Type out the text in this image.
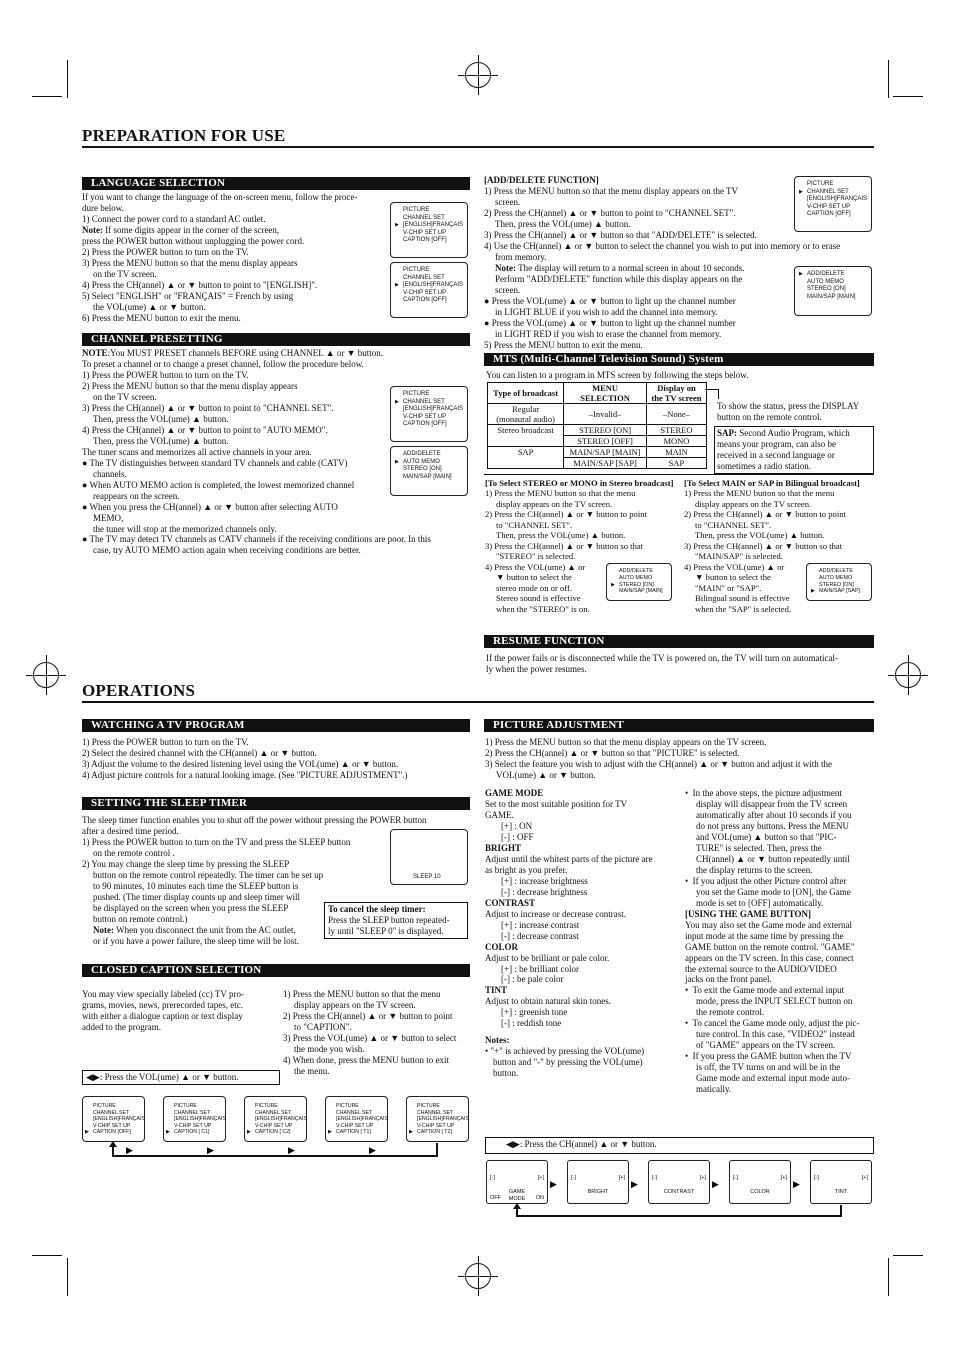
PREPARATION FOR USE
LANGUAGE SELECTION
If you want to change the language of the on-screen menu, follow the proce-
dure below.
1) Connect the power cord to a standard AC outlet.
Note: If some digits appear in the corner of the screen,
press the POWER button without unplugging the power cord.
2) Press the POWER button to turn on the TV.
3) Press the MENU button so that the menu display appears
on the TV screen.
4) Press the CH(annel) ▲ or ▼ button to point to "[ENGLISH]".
5) Select "ENGLISH" or "FRANÇAIS" = French by using
the VOL(ume) ▲ or ▼ button.
6) Press the MENU button to exit the menu.
PICTURE
CHANNEL SET
▶ [ENGLISH]FRANÇAIS
V-CHIP SET UP
CAPTION [OFF]
PICTURE
CHANNEL SET
▶ [ENGLISH]FRANÇAIS
V-CHIP SET UP
CAPTION [OFF]
CHANNEL PRESETTING
NOTE:You MUST PRESET channels BEFORE using CHANNEL ▲ or ▼ button.
To preset a channel or to change a preset channel, follow the procedure below.
1) Press the POWER button to turn on the TV.
2) Press the MENU button so that the menu display appears
on the TV screen.
3) Press the CH(annel) ▲ or ▼ button to point to "CHANNEL SET".
Then, press the VOL(ume) ▲ button.
4) Press the CH(annel) ▲ or ▼ button to point to "AUTO MEMO".
Then, press the VOL(ume) ▲ button.
The tuner scans and memorizes all active channels in your area.
● The TV distinguishes between standard TV channels and cable (CATV)
channels.
● When AUTO MEMO action is completed, the lowest memorized channel
reappears on the screen.
● When you press the CH(annel) ▲ or ▼ button after selecting AUTO
MEMO,
the tuner will stop at the memorized channels only.
● The TV may detect TV channels as CATV channels if the receiving conditions are poor. In this
case, try AUTO MEMO action again when receiving conditions are better.
PICTURE
▶ CHANNEL SET
[ENGLISH]FRANÇAIS
V-CHIP SET UP
CAPTION [OFF]
ADD/DELETE
▶ AUTO MEMO
STEREO [ON]
MAIN/SAP [MAIN]
[ADD/DELETE FUNCTION]
1) Press the MENU button so that the menu display appears on the TV
screen.
2) Press the CH(annel) ▲ or ▼ button to point to "CHANNEL SET".
Then, press the VOL(ume) ▲ button.
3) Press the CH(annel) ▲ or ▼ button so that "ADD/DELETE" is selected.
4) Use the CH(annel) ▲ or ▼ button to select the channel you wish to put into memory or to erase
from memory.
Note: The display will return to a normal screen in about 10 seconds.
Perform "ADD/DELETE" function while this display appears on the
screen.
● Press the VOL(ume) ▲ or ▼ button to light up the channel number
in LIGHT BLUE if you wish to add the channel into memory.
● Press the VOL(ume) ▲ or ▼ button to light up the channel number
in LIGHT RED if you wish to erase the channel from memory.
5) Press the MENU button to exit the menu.
PICTURE
▶ CHANNEL SET
[ENGLISH]FRANÇAIS
V-CHIP SET UP
CAPTION [OFF]
▶ ADD/DELETE
AUTO MEMO
STEREO [ON]
MAIN/SAP [MAIN]
MTS (Multi-Channel Television Sound) System
You can listen to a program in MTS screen by following the steps below.
Type of broadcast	MENU
SELECTION	Display on
the TV screen
Regular
(monaural audio)	–Invalid–	–None–
Stereo broadcast	STEREO [ON]	STEREO
	STEREO [OFF]	MONO
SAP	MAIN/SAP [MAIN]	MAIN
	MAIN/SAP [SAP]	SAP
To show the status, press the DISPLAY
button on the remote control.
SAP: Second Audio Program, which
means your program, can also be
received in a second language or
sometimes a radio station.
[To Select STEREO or MONO in Stereo broadcast]
1) Press the MENU button so that the menu
display appears on the TV screen.
2) Press the CH(annel) ▲ or ▼ button to point
to "CHANNEL SET".
Then, press the VOL(ume) ▲ button.
3) Press the CH(annel) ▲ or ▼ button so that
"STEREO" is selected.
4) Press the VOL(ume) ▲ or
▼ button to select the
stereo mode on or off.
Stereo sound is effective
when the "STEREO" is on.
ADD/DELETE
AUTO MEMO
▶ STEREO [ON]
MAIN/SAP [MAIN]
[To Select MAIN or SAP in Bilingual broadcast]
1) Press the MENU button so that the menu
display appears on the TV screen.
2) Press the CH(annel) ▲ or ▼ button to point
to "CHANNEL SET".
Then, press the VOL(ume) ▲ button.
3) Press the CH(annel) ▲ or ▼ button so that
"MAIN/SAP" is selected.
4) Press the VOL(ume) ▲ or
▼ button to select the
"MAIN" or "SAP".
Bilingual sound is effective
when the "SAP" is selected.
ADD/DELETE
AUTO MEMO
STEREO [ON]
▶ MAIN/SAP [SAP]
RESUME FUNCTION
If the power fails or is disconnected while the TV is powered on, the TV will turn on automatical-
ly when the power resumes.
OPERATIONS
WATCHING A TV PROGRAM
1) Press the POWER button to turn on the TV.
2) Select the desired channel with the CH(annel) ▲ or ▼ button.
3) Adjust the volume to the desired listening level using the VOL(ume) ▲ or ▼ button.
4) Adjust picture controls for a natural looking image. (See "PICTURE ADJUSTMENT".)
SETTING THE SLEEP TIMER
The sleep timer function enables you to shut off the power without pressing the POWER button
after a desired time period.
1) Press the POWER button to turn on the TV and press the SLEEP button
on the remote control .
2) You may change the sleep time by pressing the SLEEP
button on the remote control repeatedly. The timer can be set up
to 90 minutes, 10 minutes each time the SLEEP button is
pushed. (The timer display counts up and sleep timer will
be displayed on the screen when you press the SLEEP
button on remote control.)
Note: When you disconnect the unit from the AC outlet,
or if you have a power failure, the sleep time will be lost.
SLEEP 10
To cancel the sleep timer:
Press the SLEEP button repeated-
ly until "SLEEP 0" is displayed.
CLOSED CAPTION SELECTION
You may view specially labeled (cc) TV pro-
grams, movies, news, prerecorded tapes, etc.
with either a dialogue caption or text display
added to the program.
1) Press the MENU button so that the menu
display appears on the TV screen.
2) Press the CH(annel) ▲ or ▼ button to point
to "CAPTION".
3) Press the VOL(ume) ▲ or ▼ button to select
the mode you wish.
4) When done, press the MENU button to exit
the menu.
◀▶: Press the VOL(ume) ▲ or ▼ button.
PICTURE
CHANNEL SET
[ENGLISH]FRANÇAIS
V-CHIP SET UP
▶ CAPTION [OFF]
PICTURE
CHANNEL SET
[ENGLISH]FRANÇAIS
V-CHIP SET UP
▶ CAPTION [ C1]
PICTURE
CHANNEL SET
[ENGLISH]FRANÇAIS
V-CHIP SET UP
▶ CAPTION [ C2]
PICTURE
CHANNEL SET
[ENGLISH]FRANÇAIS
V-CHIP SET UP
▶ CAPTION [ T1]
PICTURE
CHANNEL SET
[ENGLISH]FRANÇAIS
V-CHIP SET UP
▶ CAPTION [ T2]
▶	▶	▶	▶
PICTURE ADJUSTMENT
1) Press the MENU button so that the menu display appears on the TV screen.
2) Press the CH(annel) ▲ or ▼ button so that "PICTURE" is selected.
3) Select the feature you wish to adjust with the CH(annel) ▲ or ▼ button and adjust it with the
VOL(ume) ▲ or ▼ button.
GAME MODE
Set to the most suitable position for TV
GAME.
[+] : ON
[-] : OFF
BRIGHT
Adjust until the whitest parts of the picture are
as bright as you prefer.
[+] : increase brightness
[-] : decrease brightness
CONTRAST
Adjust to increase or decrease contrast.
[+] : increase contrast
[-] : decrease contrast
COLOR
Adjust to be brilliant or pale color.
[+] : be brilliant color
[-] : be pale color
TINT
Adjust to obtain natural skin tones.
[+] : greenish tone
[-] : reddish tone
Notes:
• "+" is achieved by pressing the VOL(ume)
button and "-" by pressing the VOL(ume)
button.
•  In the above steps, the picture adjustment
display will disappear from the TV screen
automatically after about 10 seconds if you
do not press any buttons. Press the MENU
and VOL(ume) ▲ button so that "PIC-
TURE" is selected. Then, press the
CH(annel) ▲ or ▼ button repeatedly until
the display returns to the screen.
•  If you adjust the other Picture control after
you set the Game mode to [ON], the Game
mode is set to [OFF] automatically.
[USING THE GAME BUTTON]
You may also set the Game mode and external
input mode at the same time by pressing the
GAME button on the remote control. "GAME"
appears on the TV screen. In this case, connect
the external source to the AUDIO/VIDEO
jacks on the front panel.
•  To exit the Game mode and external input
mode, press the INPUT SELECT button on
the remote control.
•  To cancel the Game mode only, adjust the pic-
ture control. In this case, "VIDEO2" instead
of "GAME" appears on the TV screen.
•  If you press the GAME button when the TV
is off, the TV turns on and will be in the
Game mode and external input mode auto-
matically.
◀▶: Press the CH(annel) ▲ or ▼ button.
[-]
GAME MODE
[+]
OFF	ON
[-]
BRIGHT
[+]	[-]
CONTRAST
[+]	[-]
COLOR
[+]	[-]
TINT
[+]
▶	▶	▶	▶
